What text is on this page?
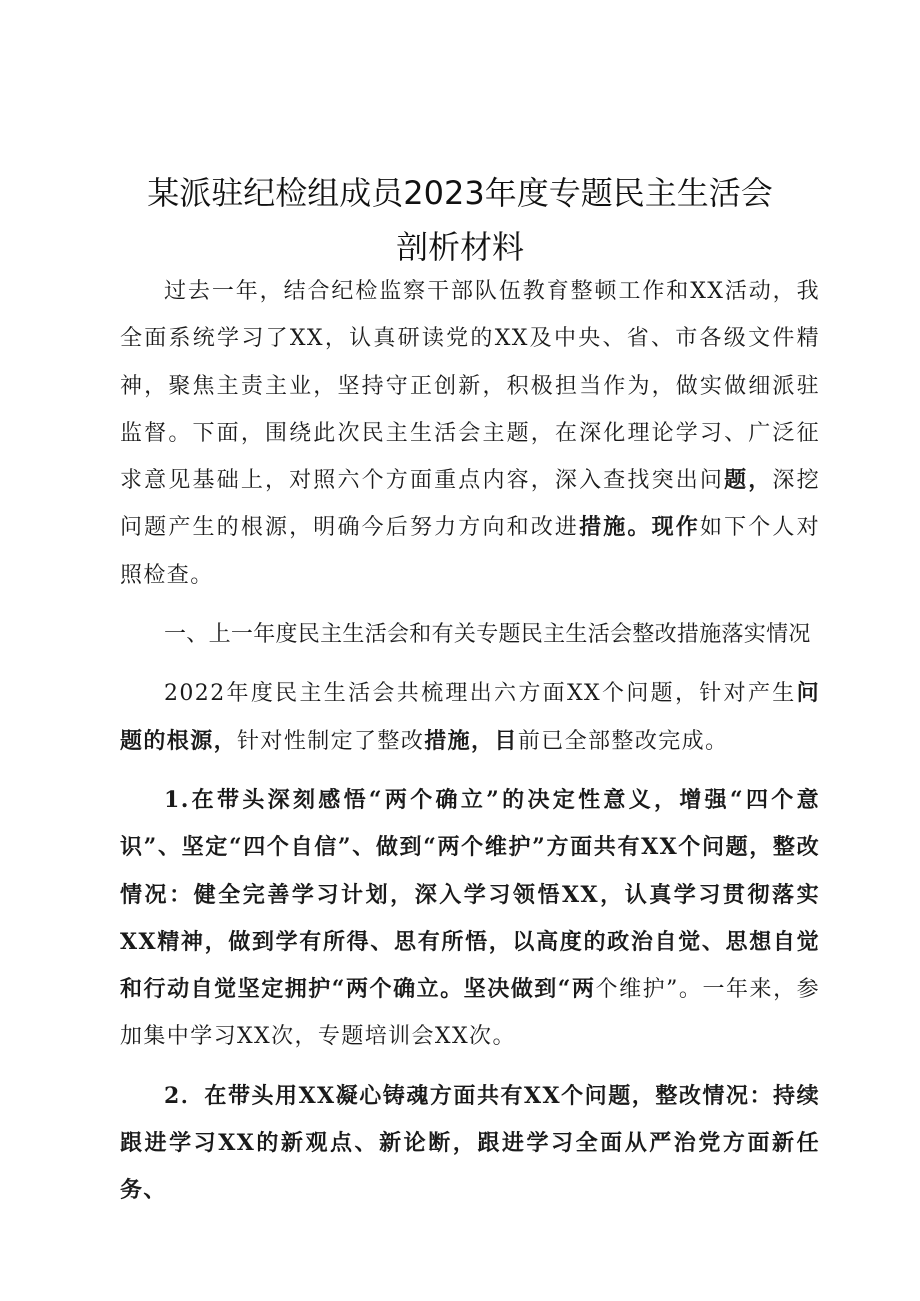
某派驻纪检组成员2023年度专题民主生活会
剖析材料

过去一年，结合纪检监察干部队伍教育整顿工作和XX活动，我全面系统学习了XX，认真研读党的XX及中央、省、市各级文件精神，聚焦主责主业，坚持守正创新，积极担当作为，做实做细派驻监督。下面，围绕此次民主生活会主题，在深化理论学习、广泛征求意见基础上，对照六个方面重点内容，深入查找突出问题，深挖问题产生的根源，明确今后努力方向和改进措施。现作如下个人对照检查。

一、上一年度民主生活会和有关专题民主生活会整改措施落实情况

2022年度民主生活会共梳理出六方面XX个问题，针对产生问题的根源，针对性制定了整改措施，目前已全部整改完成。

1.在带头深刻感悟“两个确立”的决定性意义，增强“四个意识”、坚定“四个自信”、做到“两个维护”方面共有XX个问题，整改情况：健全完善学习计划，深入学习领悟XX，认真学习贯彻落实XX精神，做到学有所得、思有所悟，以高度的政治自觉、思想自觉和行动自觉坚定拥护“两个确立。坚决做到“两个维护”。一年来，参加集中学习XX次，专题培训会XX次。

2．在带头用XX凝心铸魂方面共有XX个问题，整改情况：持续跟进学习XX的新观点、新论断，跟进学习全面从严治党方面新任务、
